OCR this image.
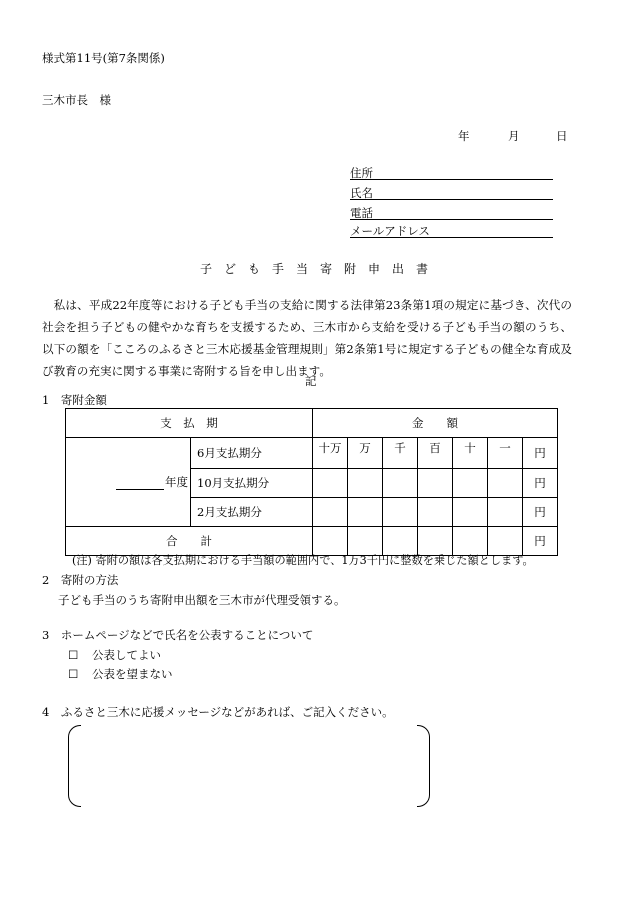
様式第11号(第7条関係)
三木市長　様
年	月	日
住所
氏名
電話
メールアドレス
子　ど　も　手　当　寄　附　申　出　書
私は、平成22年度等における子ども手当の支給に関する法律第23条第1項の規定に基づき、次代の社会を担う子どもの健やかな育ちを支援するため、三木市から支給を受ける子ども手当の額のうち、以下の額を「こころのふるさと三木応援基金管理規則」第2条第1号に規定する子どもの健全な育成及び教育の充実に関する事業に寄附する旨を申し出ます。
記
1　寄附金額
支　払　期		金　　額						
年度	6月支払期分	十万	万	千	百	十	一	円
	10月支払期分							円
	2月支払期分							円
合　　計								円
(注) 寄附の額は各支払期における手当額の範囲内で、1万3千円に整数を乗じた額とします。
2　寄附の方法
子ども手当のうち寄附申出額を三木市が代理受領する。
3　ホームページなどで氏名を公表することについて
☐ 公表してよい
☐ 公表を望まない
4　ふるさと三木に応援メッセージなどがあれば、ご記入ください。
